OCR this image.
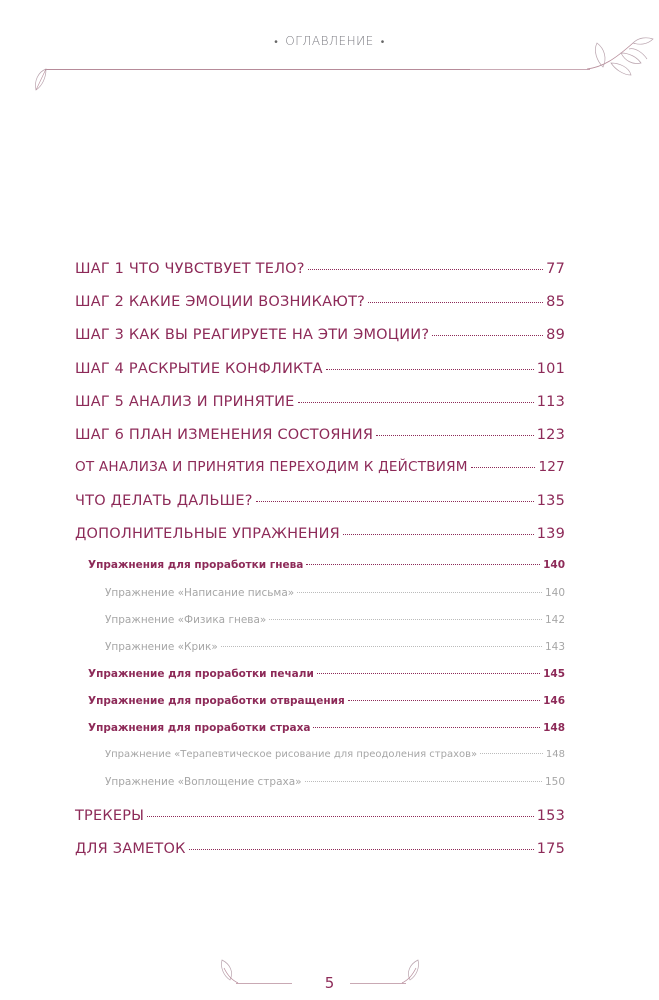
• ОГЛАВЛЕНИЕ •
ШАГ 1 ЧТО ЧУВСТВУЕТ ТЕЛО?	77
ШАГ 2 КАКИЕ ЭМОЦИИ ВОЗНИКАЮТ?	85
ШАГ 3 КАК ВЫ РЕАГИРУЕТЕ НА ЭТИ ЭМОЦИИ?	89
ШАГ 4 РАСКРЫТИЕ КОНФЛИКТА	101
ШАГ 5 АНАЛИЗ И ПРИНЯТИЕ	113
ШАГ 6 ПЛАН ИЗМЕНЕНИЯ СОСТОЯНИЯ	123
ОТ АНАЛИЗА И ПРИНЯТИЯ ПЕРЕХОДИМ К ДЕЙСТВИЯМ	127
ЧТО ДЕЛАТЬ ДАЛЬШЕ?	135
ДОПОЛНИТЕЛЬНЫЕ УПРАЖНЕНИЯ	139
Упражнения для проработки гнева	140
Упражнение «Написание письма»	140
Упражнение «Физика гнева»	142
Упражнение «Крик»	143
Упражнение для проработки печали	145
Упражнение для проработки отвращения	146
Упражнения для проработки страха	148
Упражнение «Терапевтическое рисование для преодоления страхов»	148
Упражнение «Воплощение страха»	150
ТРЕКЕРЫ	153
ДЛЯ ЗАМЕТОК	175
5
